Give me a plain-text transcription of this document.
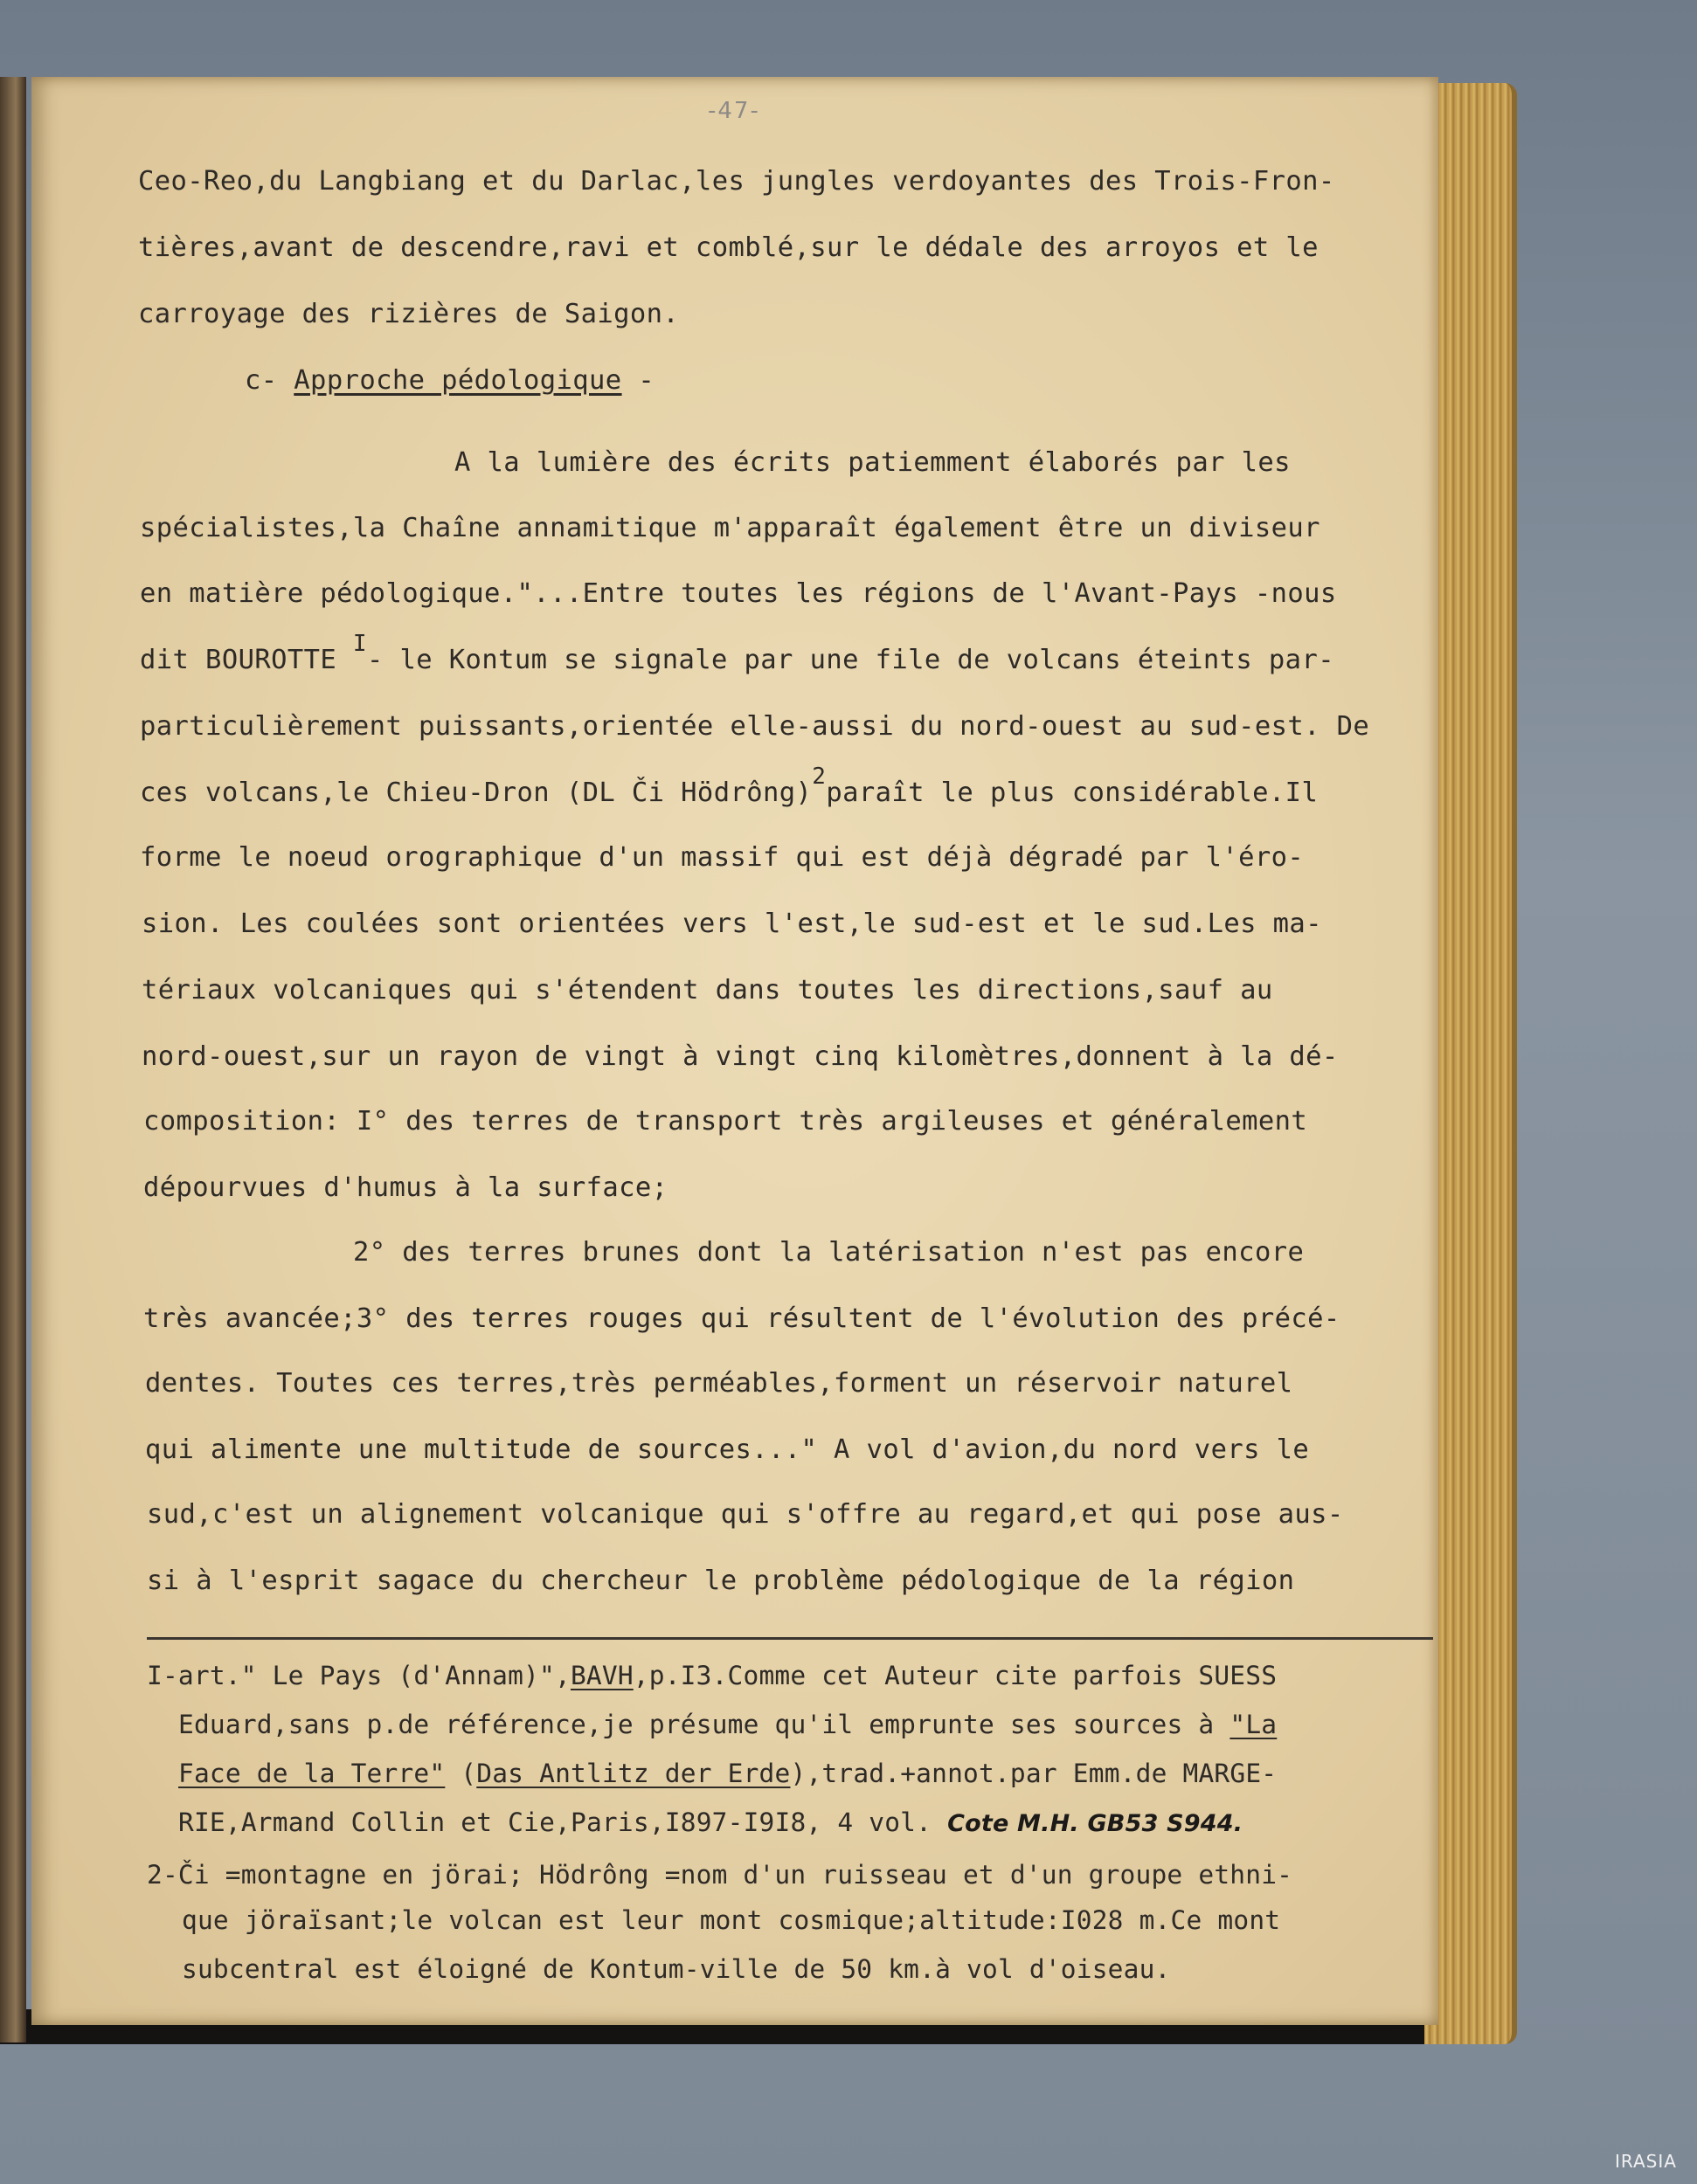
-47-
Ceo-Reo,du Langbiang et du Darlac,les jungles verdoyantes des Trois-Fron-
tières,avant de descendre,ravi et comblé,sur le dédale des arroyos et le
carroyage des rizières de Saigon.
c- Approche pédologique -
A la lumière des écrits patiemment élaborés par les
spécialistes,la Chaîne annamitique m'apparaît également être un diviseur
en matière pédologique."...Entre toutes les régions de l'Avant-Pays -nous
dit BOUROTTE I- le Kontum se signale par une file de volcans éteints par-
particulièrement puissants,orientée elle-aussi du nord-ouest au sud-est. De
ces volcans,le Chieu-Dron (DL Či Hödrông)2paraît le plus considérable.Il
forme le noeud orographique d'un massif qui est déjà dégradé par l'éro-
sion. Les coulées sont orientées vers l'est,le sud-est et le sud.Les ma-
tériaux volcaniques qui s'étendent dans toutes les directions,sauf au
nord-ouest,sur un rayon de vingt à vingt cinq kilomètres,donnent à la dé-
composition: I° des terres de transport très argileuses et généralement
dépourvues d'humus à la surface;
2° des terres brunes dont la latérisation n'est pas encore
très avancée;3° des terres rouges qui résultent de l'évolution des précé-
dentes. Toutes ces terres,très perméables,forment un réservoir naturel
qui alimente une multitude de sources..." A vol d'avion,du nord vers le
sud,c'est un alignement volcanique qui s'offre au regard,et qui pose aus-
si à l'esprit sagace du chercheur le problème pédologique de la région
I-art." Le Pays (d'Annam)",BAVH,p.I3.Comme cet Auteur cite parfois SUESS
Eduard,sans p.de référence,je présume qu'il emprunte ses sources à "La
Face de la Terre" (Das Antlitz der Erde),trad.+annot.par Emm.de MARGE-
RIE,Armand Collin et Cie,Paris,I897-I9I8, 4 vol. Cote M.H. GB53 S944.
2-Či =montagne en jörai; Hödrông =nom d'un ruisseau et d'un groupe ethni-
que jöraïsant;le volcan est leur mont cosmique;altitude:I028 m.Ce mont
subcentral est éloigné de Kontum-ville de 50 km.à vol d'oiseau.
IRASIA
